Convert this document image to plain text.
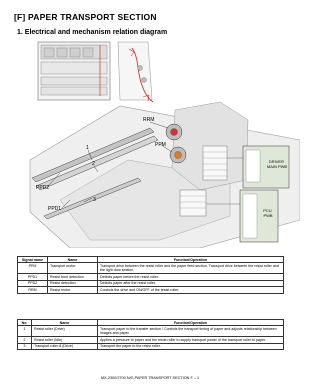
[F] PAPER TRANSPORT SECTION
1. Electrical and mechanism relation diagram
RRM
PPM
PPD2
PPD1
1
2
3
DRIVER MAIN PWB
PCU PWB
Signal name	Name	Function/Operation
PPM	Transport motor	Transport drive between the resist roller and the paper feed section. Transport drive between the resist roller and the light door section.
PPD1	Resist front detection	Detects paper before the resist roller.
PPD2	Resist detection	Detects paper after the resist roller.
RRM	Resist motor	Controls the drive and ON/OFF of the resist roller.
No.	Name	Function/Operation
1	Resist roller (Drive)	Transport paper to the transfer section / Controls the transport timing of paper and adjusts relationship between images and paper.
2	Resist roller (Idle)	Applies a pressure to paper and the resist roller to supply transport power of the transport roller to paper.
3	Transport roller 8 (Drive)	Transport the paper to the resist roller.
MX-2300/2700 N/G PAPER TRANSPORT SECTION F – 1
